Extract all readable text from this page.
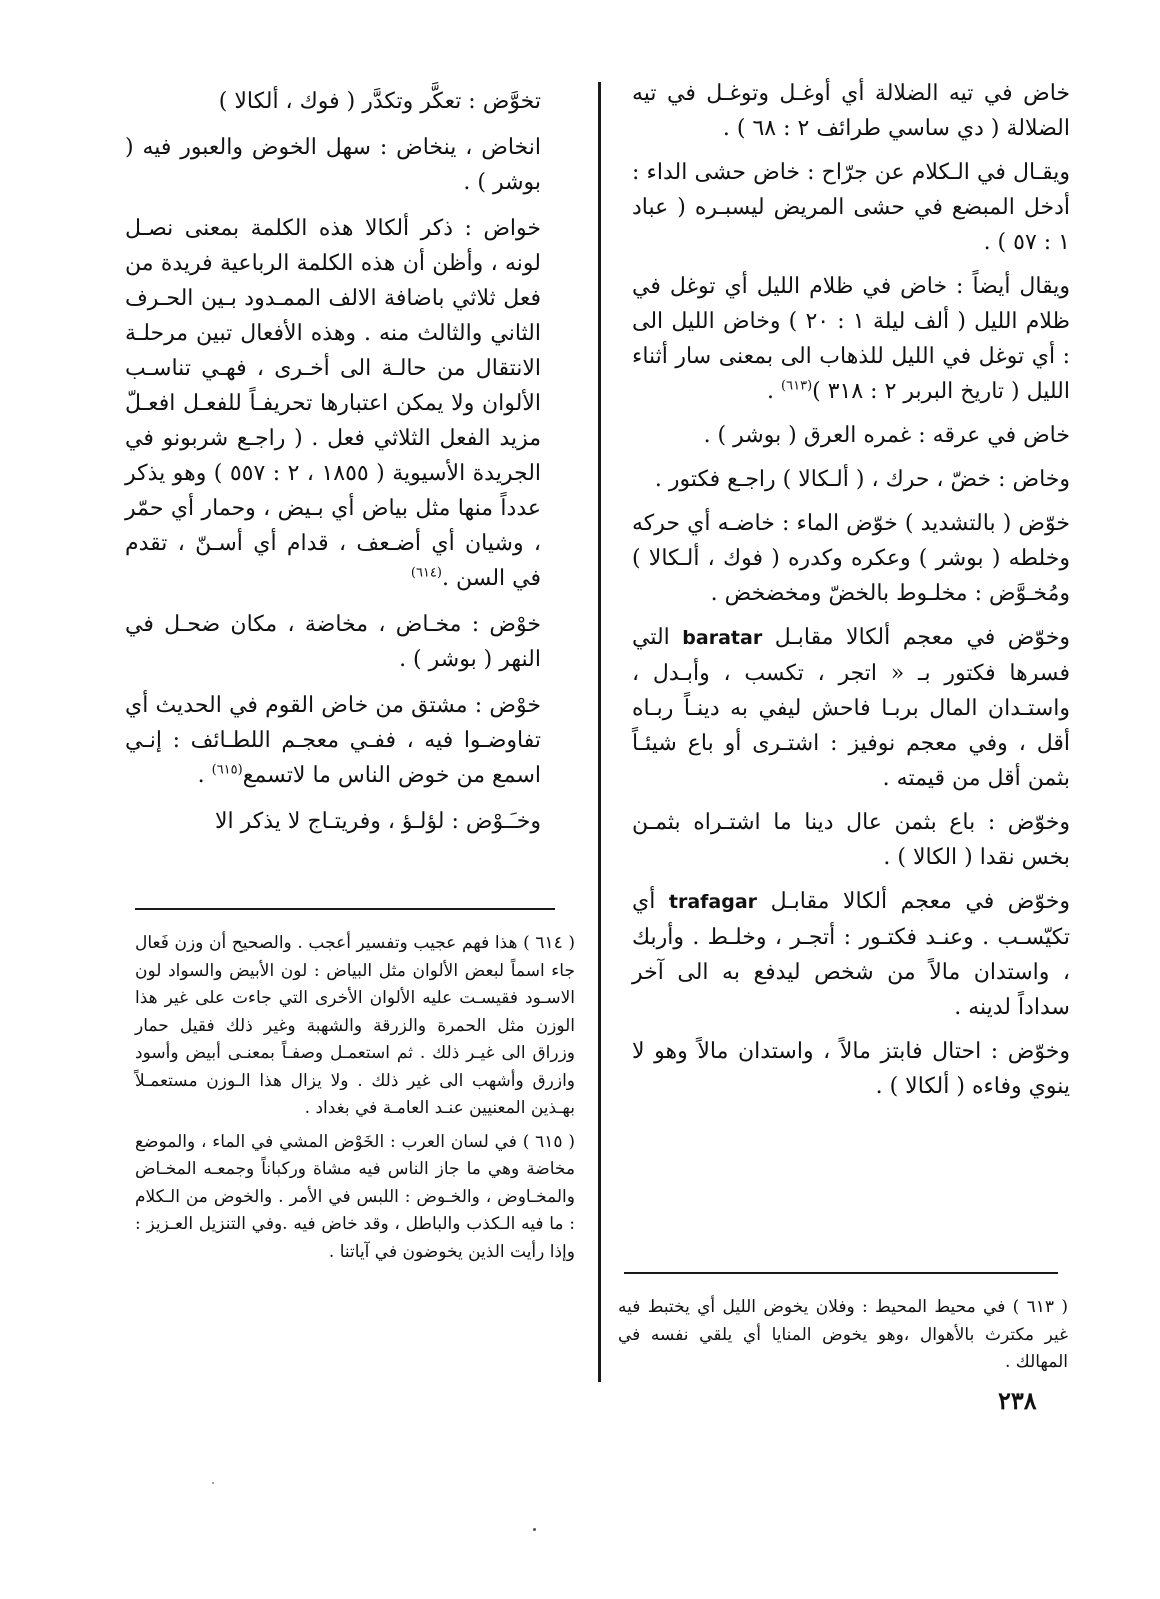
خاض في تيه الضلالة أي أوغـل وتوغـل في تيه الضلالة ( دي ساسي طرائف ٢ : ٦٨ ) .

ويقـال في الـكلام عن جرّاح : خاض حشى الداء : أدخل المبضع في حشى المريض ليسبـره ( عباد ١ : ٥٧ ) .

ويقال أيضاً : خاض في ظلام الليل أي توغل في ظلام الليل ( ألف ليلة ١ : ٢٠ ) وخاض الليل الى : أي توغل في الليل للذهاب الى بمعنى سار أثناء الليل ( تاريخ البربر ٢ : ٣١٨ )$^{(٦١٣)}$ .

خاض في عرقه : غمره العرق ( بوشر ) .

وخاض : خضّ ، حرك ، ( ألـكالا ) راجـع فكتور .

خوّض ( بالتشديد ) خوّض الماء : خاضـه أي حركه وخلطه ( بوشر ) وعكره وكدره ( فوك ، ألـكالا ) ومُخـوَّض : مخلـوط بالخضّ ومخضخض .

وخوّض في معجم ألكالا مقابـل baratar التي فسرها فكتور بـ « اتجر ، تكسب ، وأبـدل ، واستـدان المال بربـا فاحش ليفي به دينـاً ربـاه أقل ، وفي معجم نوفيز : اشتـرى أو باع شيئـاً بثمن أقل من قيمته .

وخوّض : باع بثمن عال دينا ما اشتـراه بثمـن بخس نقدا ( الكالا ) .

وخوّض في معجم ألكالا مقابـل trafagar أي تكيّسـب . وعنـد فكتـور : أتجـر ، وخلـط . وأربك ، واستدان مالاً من شخص ليدفع به الى آخر سداداً لدينه .

وخوّض : احتال فابتز مالاً ، واستدان مالاً وهو لا ينوي وفاءه ( ألكالا ) .

تخوَّض : تعكَّر وتكدَّر ( فوك ، ألكالا )

انخاض ، ينخاض : سهل الخوض والعبور فيه ( بوشر ) .

خواض : ذكر ألكالا هذه الكلمة بمعنى نصـل لونه ، وأظن أن هذه الكلمة الرباعية فريدة من فعل ثلاثي باضافة الالف الممـدود بـين الحـرف الثاني والثالث منه . وهذه الأفعال تبين مرحلـة الانتقال من حالـة الى أخـرى ، فهـي تناسـب الألوان ولا يمكن اعتبارها تحريفـاً للفعـل افعـلّ مزيد الفعل الثلاثي فعل . ( راجـع شربونو في الجريدة الأسيوية ( ١٨٥٥ ، ٢ : ٥٥٧ ) وهو يذكر عدداً منها مثل بياض أي بـيض ، وحمار أي حمّر ، وشيان أي أضـعف ، قدام أي أسـنّ ، تقدم في السن .$^{(٦١٤)}$

خوْض : مخـاض ، مخاضة ، مكان ضحـل في النهر ( بوشر ) .

خوْض : مشتق من خاض القوم في الحديث أي تفاوضـوا فيه ، ففـي معجـم اللطـائف : إنـي اسمع من خوض الناس ما لاتسمع$^{(٦١٥)}$ .

وخـَـوْض : لؤلـؤ ، وفريتـاج لا يذكر الا

( ٦١٤ ) هذا فهم عجيب وتفسير أعجب . والصحيح أن وزن فَعال جاء اسماً لبعض الألوان مثل البياض : لون الأبيض والسواد لون الاسـود فقيسـت عليه الألوان الأخرى التي جاءت على غير هذا الوزن مثل الحمرة والزرقة والشهبة وغير ذلك فقيل حمار وزراق الى غيـر ذلك . ثم استعمـل وصفـاً بمعنـى أبيض وأسود وازرق وأشهب الى غير ذلك . ولا يزال هذا الـوزن مستعمـلاً بهـذين المعنيين عنـد العامـة في بغداد .

( ٦١٥ ) في لسان العرب : الخَوْض المشي في الماء ، والموضع مخاضة وهي ما جاز الناس فيه مشاة وركباناً وجمعـه المخـاض والمخـاوض ، والخـوض : اللبس في الأمر . والخوض من الـكلام : ما فيه الـكذب والباطل ، وقد خاض فيه .وفي التنزيل العـزيز : وإذا رأيت الذين يخوضون في آياتنا .

( ٦١٣ ) في محيط المحيط : وفلان يخوض الليل أي يختبط فيه غير مكترث بالأهوال ،وهو يخوض المنايا أي يلقي نفسه في المهالك .

٢٣٨
